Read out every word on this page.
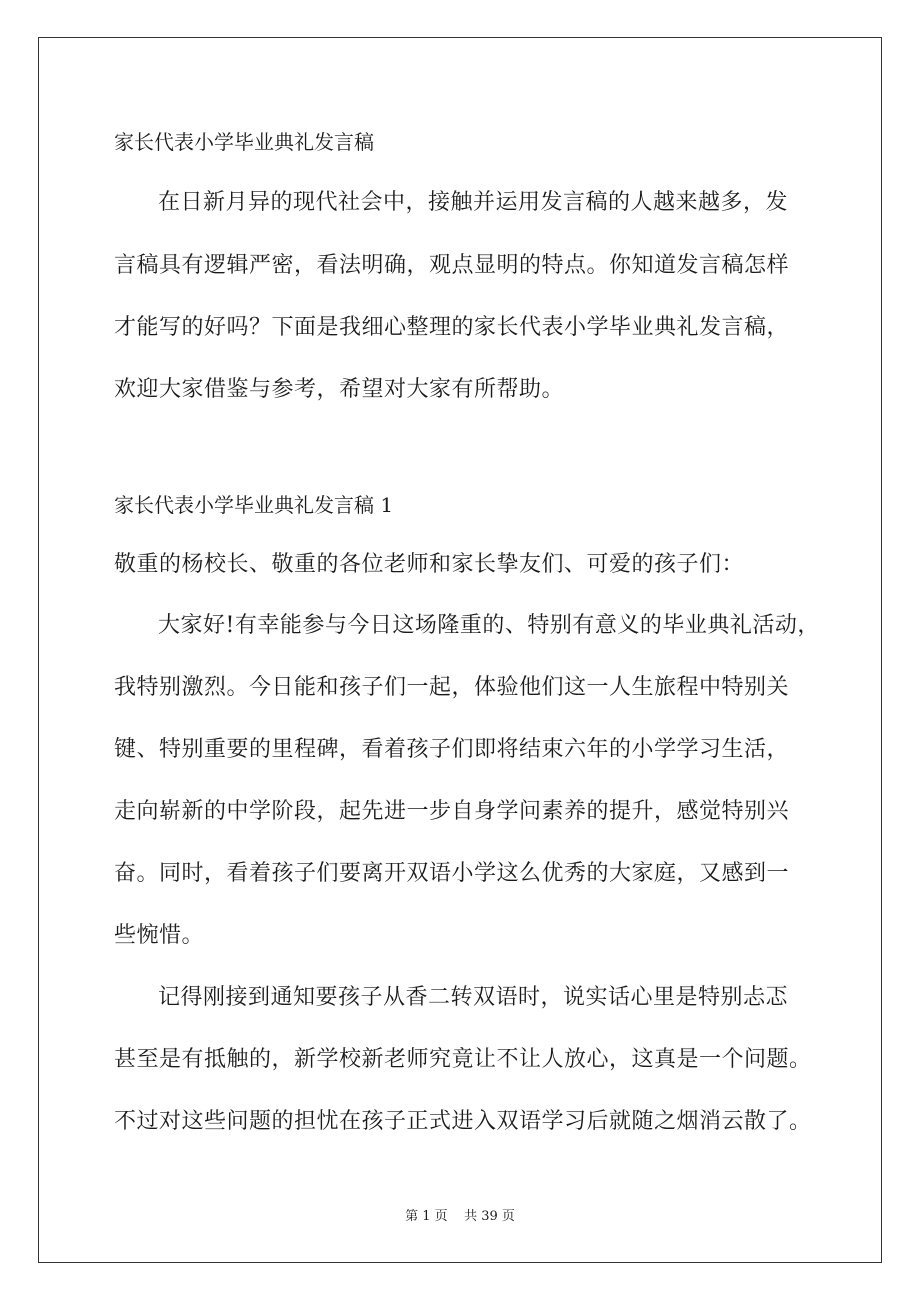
家长代表小学毕业典礼发言稿
在日新月异的现代社会中，接触并运用发言稿的人越来越多，发
言稿具有逻辑严密，看法明确，观点显明的特点。你知道发言稿怎样
才能写的好吗？下面是我细心整理的家长代表小学毕业典礼发言稿，
欢迎大家借鉴与参考，希望对大家有所帮助。
家长代表小学毕业典礼发言稿 1
敬重的杨校长、敬重的各位老师和家长挚友们、可爱的孩子们：
大家好!有幸能参与今日这场隆重的、特别有意义的毕业典礼活动，
我特别激烈。今日能和孩子们一起，体验他们这一人生旅程中特别关
键、特别重要的里程碑，看着孩子们即将结束六年的小学学习生活，
走向崭新的中学阶段，起先进一步自身学问素养的提升，感觉特别兴
奋。同时，看着孩子们要离开双语小学这么优秀的大家庭，又感到一
些惋惜。
记得刚接到通知要孩子从香二转双语时，说实话心里是特别忐忑
甚至是有抵触的，新学校新老师究竟让不让人放心，这真是一个问题。
不过对这些问题的担忧在孩子正式进入双语学习后就随之烟消云散了。
第 1 页    共 39 页
